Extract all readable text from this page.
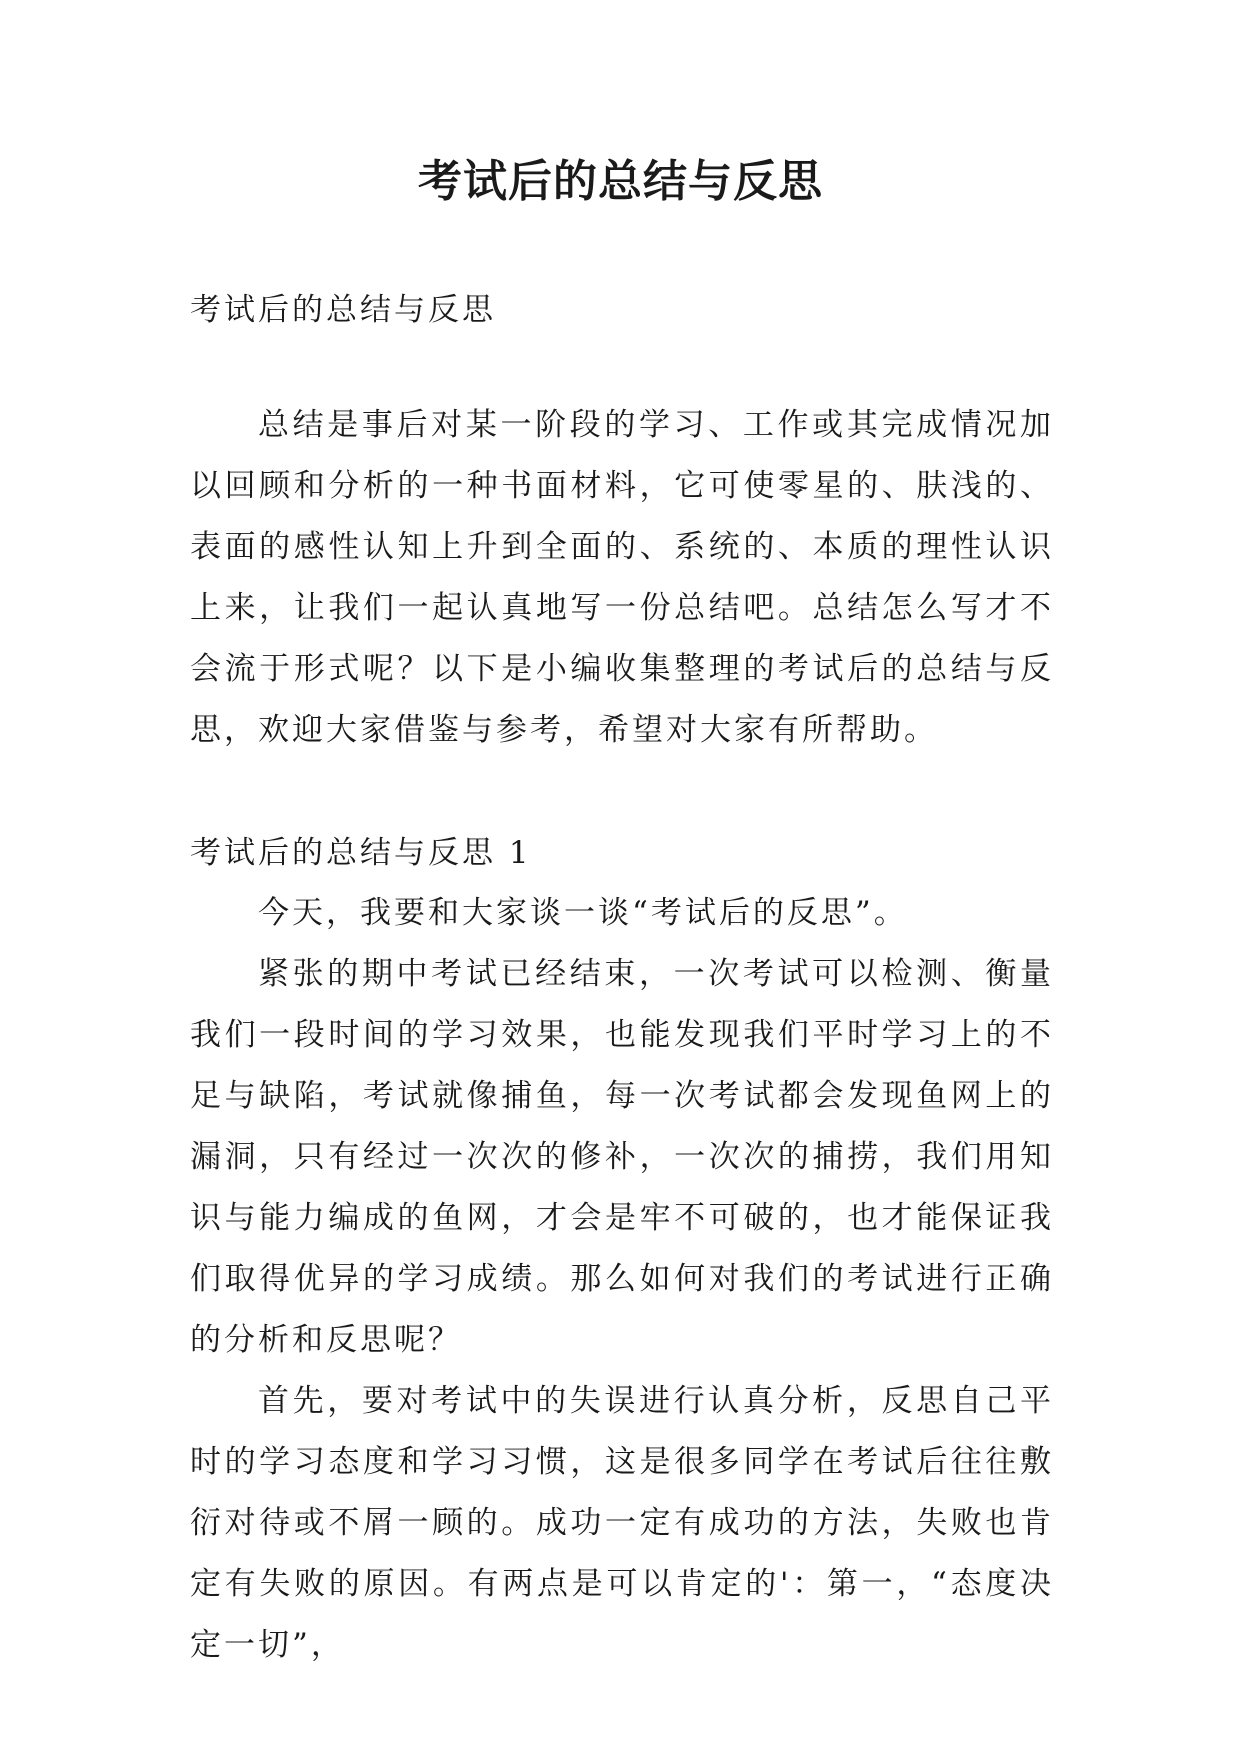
考试后的总结与反思

考试后的总结与反思

总结是事后对某一阶段的学习、工作或其完成情况加以回顾和分析的一种书面材料，它可使零星的、肤浅的、表面的感性认知上升到全面的、系统的、本质的理性认识上来，让我们一起认真地写一份总结吧。总结怎么写才不会流于形式呢？以下是小编收集整理的考试后的总结与反思，欢迎大家借鉴与参考，希望对大家有所帮助。

考试后的总结与反思 1

今天，我要和大家谈一谈“考试后的反思”。

紧张的期中考试已经结束，一次考试可以检测、衡量我们一段时间的学习效果，也能发现我们平时学习上的不足与缺陷，考试就像捕鱼，每一次考试都会发现鱼网上的漏洞，只有经过一次次的修补，一次次的捕捞，我们用知识与能力编成的鱼网，才会是牢不可破的，也才能保证我们取得优异的学习成绩。那么如何对我们的考试进行正确的分析和反思呢？

首先，要对考试中的失误进行认真分析，反思自己平时的学习态度和学习习惯，这是很多同学在考试后往往敷衍对待或不屑一顾的。成功一定有成功的方法，失败也肯定有失败的原因。有两点是可以肯定的'：第一，“态度决定一切”，
